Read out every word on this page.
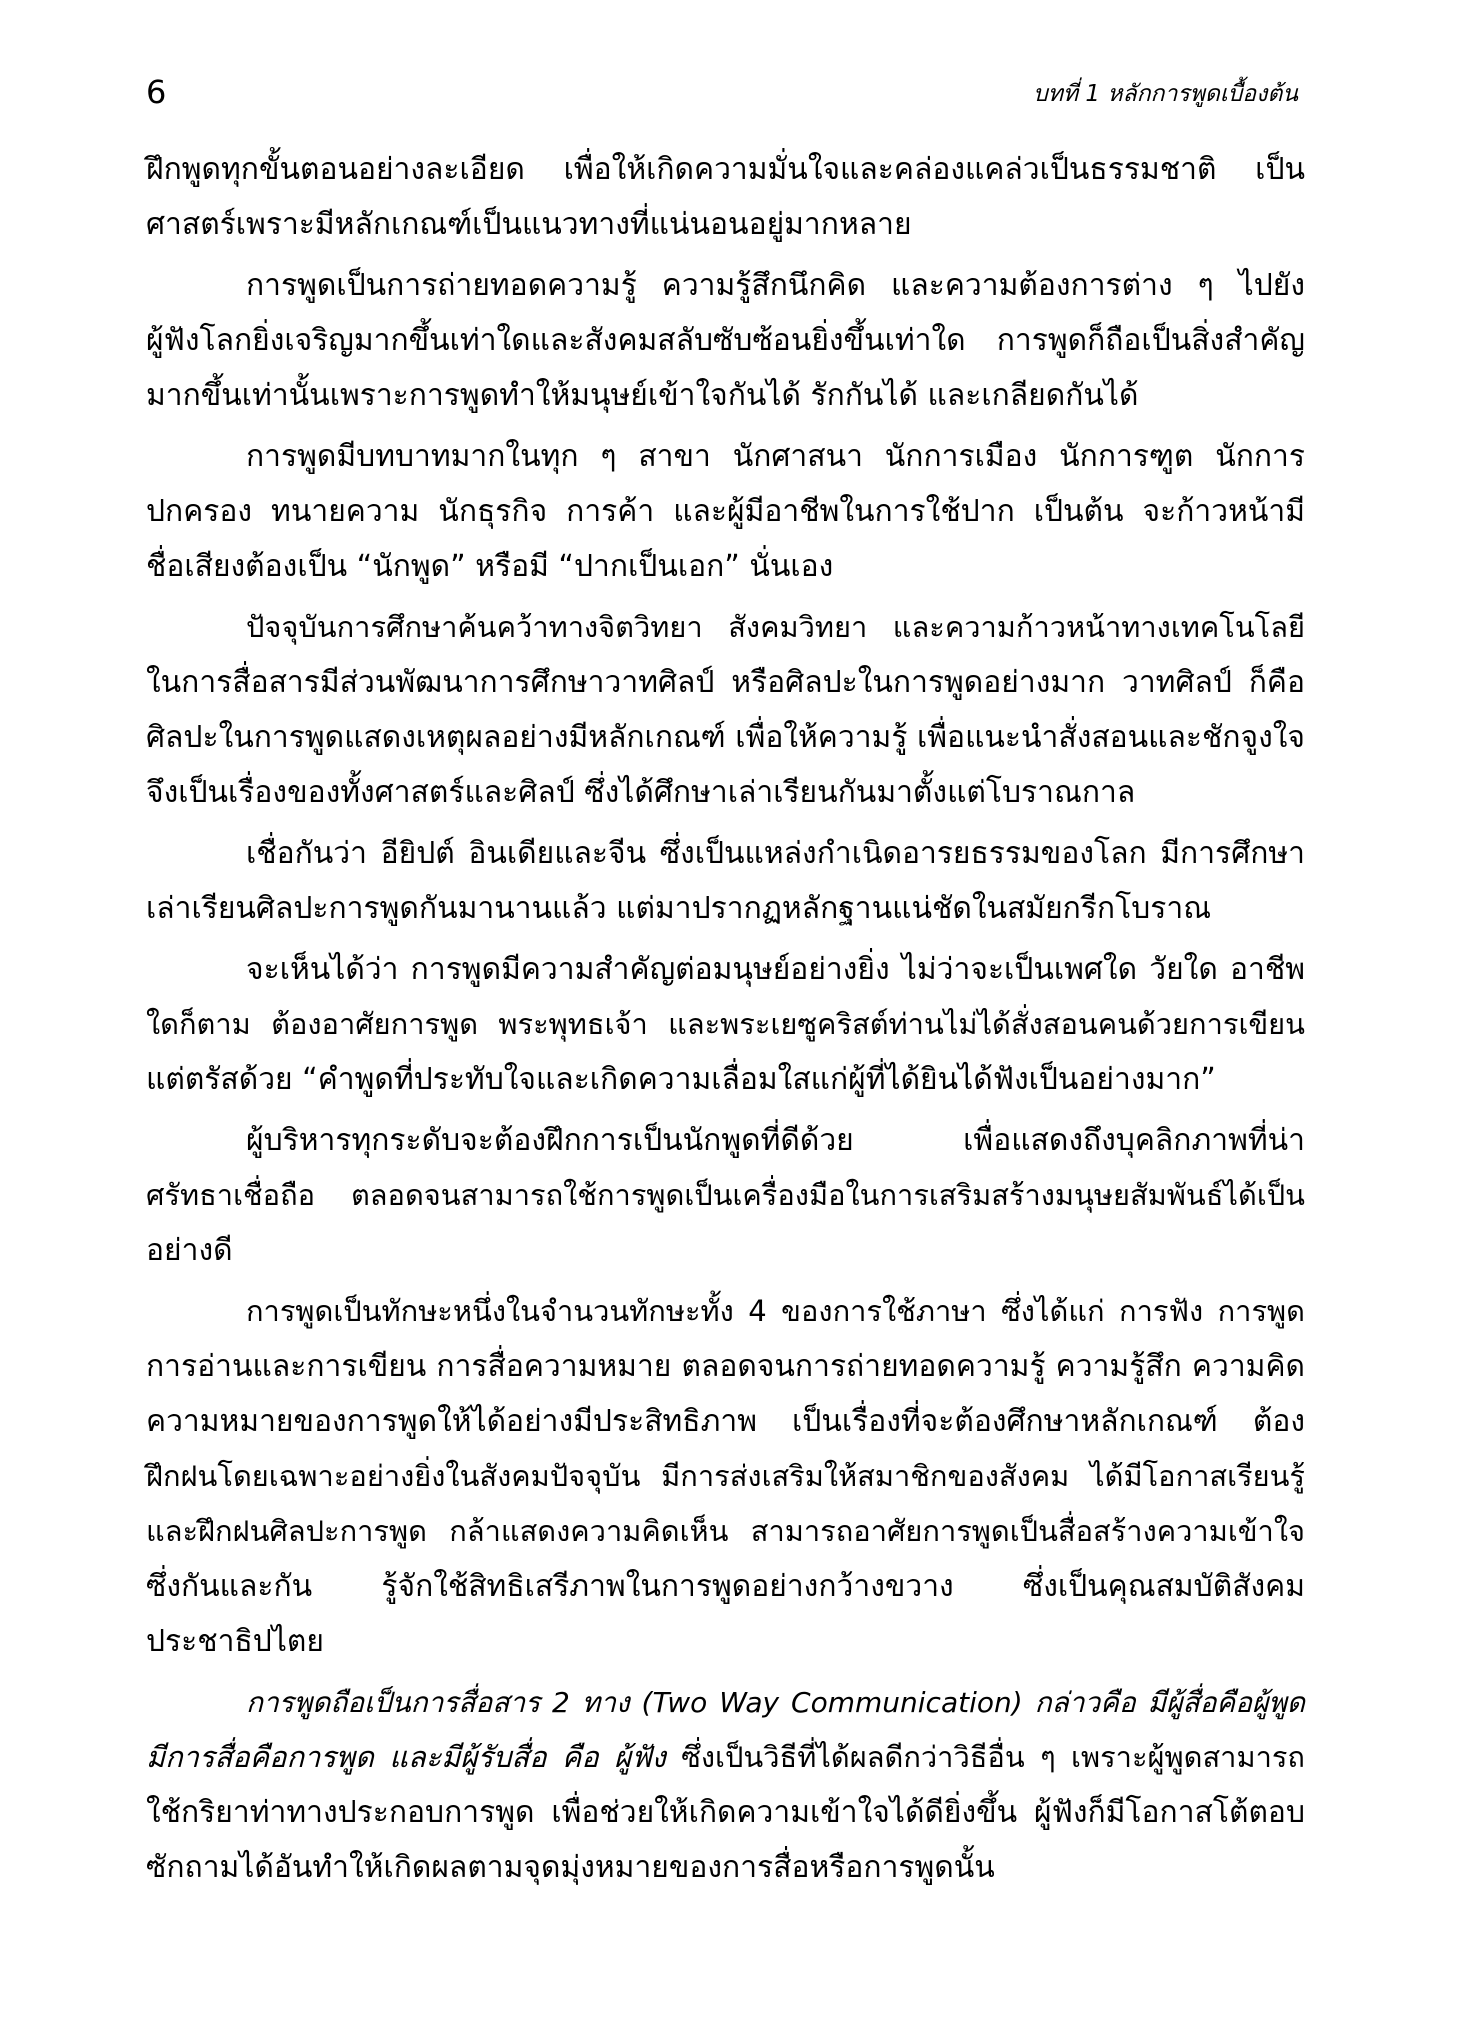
6	บทที่ 1 หลักการพูดเบื้องต้น
ฝึกพูดทุกขั้นตอนอย่างละเอียด เพื่อให้เกิดความมั่นใจและคล่องแคล่วเป็นธรรมชาติ เป็น
ศาสตร์เพราะมีหลักเกณฑ์เป็นแนวทางที่แน่นอนอยู่มากหลาย
การพูดเป็นการถ่ายทอดความรู้ ความรู้สึกนึกคิด และความต้องการต่าง ๆ ไปยัง
ผู้ฟังโลกยิ่งเจริญมากขึ้นเท่าใดและสังคมสลับซับซ้อนยิ่งขึ้นเท่าใด การพูดก็ถือเป็นสิ่งสำคัญ
มากขึ้นเท่านั้นเพราะการพูดทำให้มนุษย์เข้าใจกันได้ รักกันได้ และเกลียดกันได้
การพูดมีบทบาทมากในทุก ๆ สาขา นักศาสนา นักการเมือง นักการฑูต นักการ
ปกครอง ทนายความ นักธุรกิจ การค้า และผู้มีอาชีพในการใช้ปาก เป็นต้น จะก้าวหน้ามี
ชื่อเสียงต้องเป็น “นักพูด” หรือมี “ปากเป็นเอก” นั่นเอง
ปัจจุบันการศึกษาค้นคว้าทางจิตวิทยา สังคมวิทยา และความก้าวหน้าทางเทคโนโลยี
ในการสื่อสารมีส่วนพัฒนาการศึกษาวาทศิลป์ หรือศิลปะในการพูดอย่างมาก วาทศิลป์ ก็คือ
ศิลปะในการพูดแสดงเหตุผลอย่างมีหลักเกณฑ์ เพื่อให้ความรู้ เพื่อแนะนำสั่งสอนและชักจูงใจ
จึงเป็นเรื่องของทั้งศาสตร์และศิลป์ ซึ่งได้ศึกษาเล่าเรียนกันมาตั้งแต่โบราณกาล
เชื่อกันว่า อียิปต์ อินเดียและจีน ซึ่งเป็นแหล่งกำเนิดอารยธรรมของโลก มีการศึกษา
เล่าเรียนศิลปะการพูดกันมานานแล้ว แต่มาปรากฏหลักฐานแน่ชัดในสมัยกรีกโบราณ
จะเห็นได้ว่า การพูดมีความสำคัญต่อมนุษย์อย่างยิ่ง ไม่ว่าจะเป็นเพศใด วัยใด อาชีพ
ใดก็ตาม ต้องอาศัยการพูด พระพุทธเจ้า และพระเยซูคริสต์ท่านไม่ได้สั่งสอนคนด้วยการเขียน
แต่ตรัสด้วย “คำพูดที่ประทับใจและเกิดความเลื่อมใสแก่ผู้ที่ได้ยินได้ฟังเป็นอย่างมาก”
ผู้บริหารทุกระดับจะต้องฝึกการเป็นนักพูดที่ดีด้วย เพื่อแสดงถึงบุคลิกภาพที่น่า
ศรัทธาเชื่อถือ ตลอดจนสามารถใช้การพูดเป็นเครื่องมือในการเสริมสร้างมนุษยสัมพันธ์ได้เป็น
อย่างดี
การพูดเป็นทักษะหนึ่งในจำนวนทักษะทั้ง 4 ของการใช้ภาษา ซึ่งได้แก่ การฟัง การพูด
การอ่านและการเขียน การสื่อความหมาย ตลอดจนการถ่ายทอดความรู้ ความรู้สึก ความคิด
ความหมายของการพูดให้ได้อย่างมีประสิทธิภาพ เป็นเรื่องที่จะต้องศึกษาหลักเกณฑ์ ต้อง
ฝึกฝนโดยเฉพาะอย่างยิ่งในสังคมปัจจุบัน มีการส่งเสริมให้สมาชิกของสังคม ได้มีโอกาสเรียนรู้
และฝึกฝนศิลปะการพูด กล้าแสดงความคิดเห็น สามารถอาศัยการพูดเป็นสื่อสร้างความเข้าใจ
ซึ่งกันและกัน รู้จักใช้สิทธิเสรีภาพในการพูดอย่างกว้างขวาง ซึ่งเป็นคุณสมบัติสังคม
ประชาธิปไตย
การพูดถือเป็นการสื่อสาร 2 ทาง (Two Way Communication) กล่าวคือ มีผู้สื่อคือผู้พูด
มีการสื่อคือการพูด และมีผู้รับสื่อ คือ ผู้ฟัง ซึ่งเป็นวิธีที่ได้ผลดีกว่าวิธีอื่น ๆ เพราะผู้พูดสามารถ
ใช้กริยาท่าทางประกอบการพูด เพื่อช่วยให้เกิดความเข้าใจได้ดียิ่งขึ้น ผู้ฟังก็มีโอกาสโต้ตอบ
ซักถามได้อันทำให้เกิดผลตามจุดมุ่งหมายของการสื่อหรือการพูดนั้น
